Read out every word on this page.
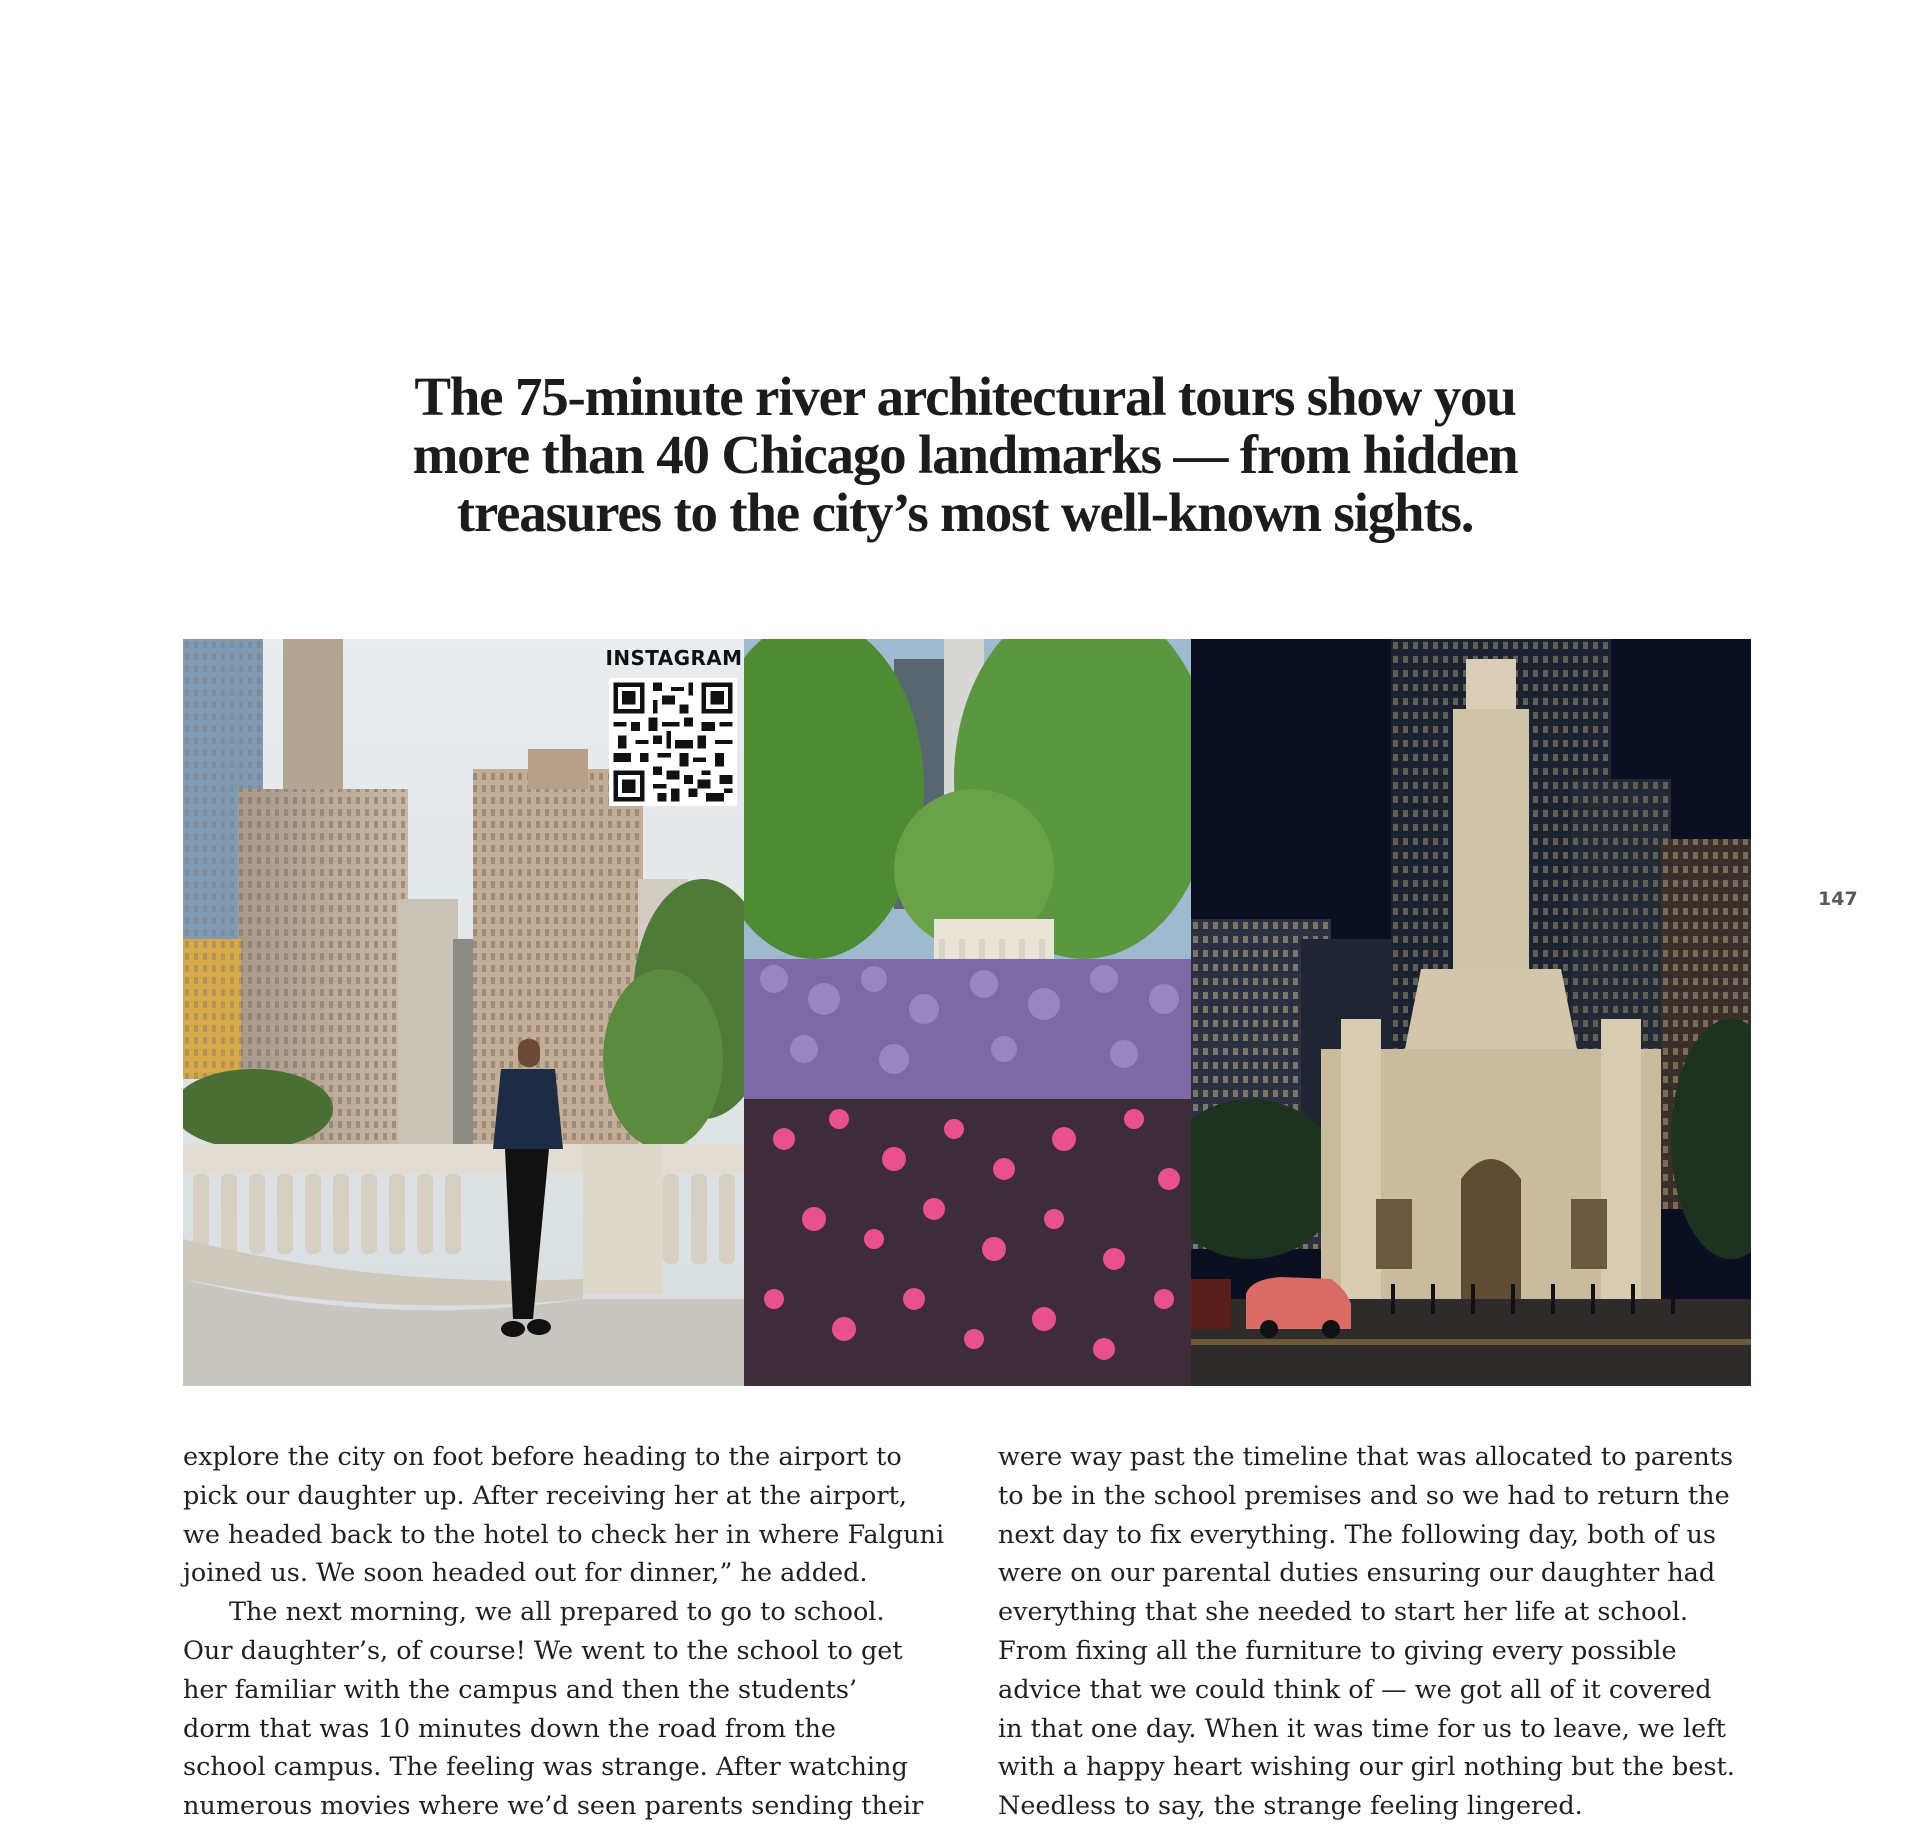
The 75-minute river architectural tours show you
more than 40 Chicago landmarks — from hidden
treasures to the city’s most well-known sights.
INSTAGRAM
147

explore the city on foot before heading to the airport to
pick our daughter up. After receiving her at the airport,
we headed back to the hotel to check her in where Falguni
joined us. We soon headed out for dinner,” he added.

The next morning, we all prepared to go to school.
Our daughter’s, of course! We went to the school to get
her familiar with the campus and then the students’
dorm that was 10 minutes down the road from the
school campus. The feeling was strange. After watching
numerous movies where we’d seen parents sending their

were way past the timeline that was allocated to parents
to be in the school premises and so we had to return the
next day to fix everything. The following day, both of us
were on our parental duties ensuring our daughter had
everything that she needed to start her life at school.
From fixing all the furniture to giving every possible
advice that we could think of — we got all of it covered
in that one day. When it was time for us to leave, we left
with a happy heart wishing our girl nothing but the best.
Needless to say, the strange feeling lingered.
